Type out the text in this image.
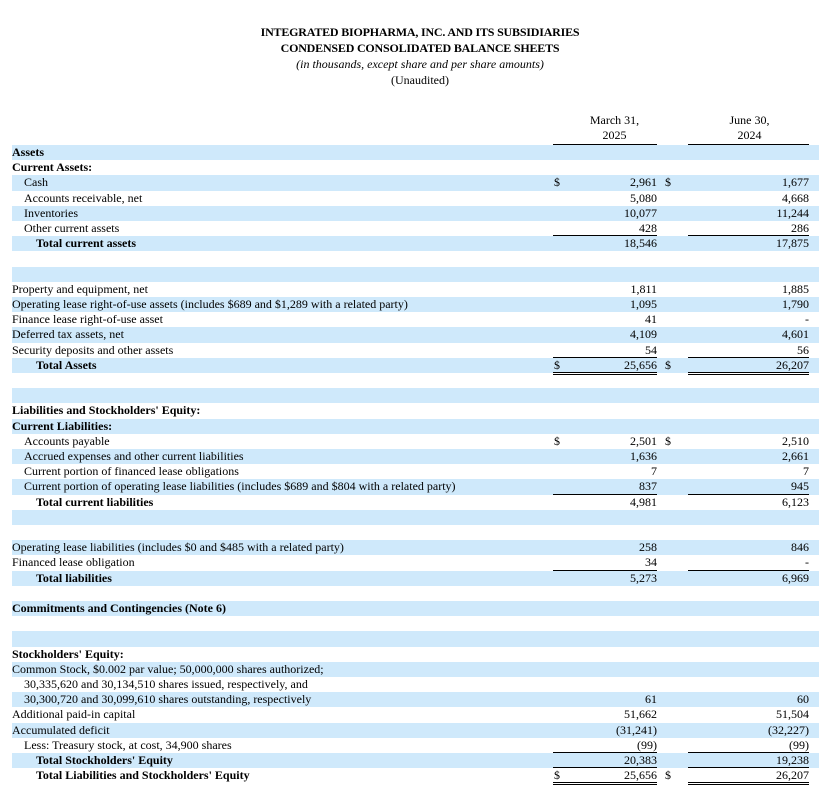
INTEGRATED BIOPHARMA, INC. AND ITS SUBSIDIARIES
CONDENSED CONSOLIDATED BALANCE SHEETS
(in thousands, except share and per share amounts)
(Unaudited)
March 31,
2025
June 30,
2024
Assets
Current Assets:
Cash	$	2,961 $	1,677
Accounts receivable, net	5,080	4,668
Inventories	10,077	11,244
Other current assets	428	286
Total current assets	18,546	17,875
Property and equipment, net	1,811	1,885
Operating lease right-of-use assets (includes $689 and $1,289 with a related party)	1,095	1,790
Finance lease right-of-use asset	41	-
Deferred tax assets, net	4,109	4,601
Security deposits and other assets	54	56
Total Assets	$	25,656 $	26,207
Liabilities and Stockholders' Equity:
Current Liabilities:
Accounts payable	$	2,501 $	2,510
Accrued expenses and other current liabilities	1,636	2,661
Current portion of financed lease obligations	7	7
Current portion of operating lease liabilities (includes $689 and $804 with a related party)	837	945
Total current liabilities	4,981	6,123
Operating lease liabilities (includes $0 and $485 with a related party)	258	846
Financed lease obligation	34	-
Total liabilities	5,273	6,969
Commitments and Contingencies (Note 6)
Stockholders' Equity:
Common Stock, $0.002 par value; 50,000,000 shares authorized;
30,335,620 and 30,134,510 shares issued, respectively, and
30,300,720 and 30,099,610 shares outstanding, respectively	61	60
Additional paid-in capital	51,662	51,504
Accumulated deficit	(31,241)	(32,227)
Less: Treasury stock, at cost, 34,900 shares	(99)	(99)
Total Stockholders' Equity	20,383	19,238
Total Liabilities and Stockholders' Equity	$	25,656 $	26,207
